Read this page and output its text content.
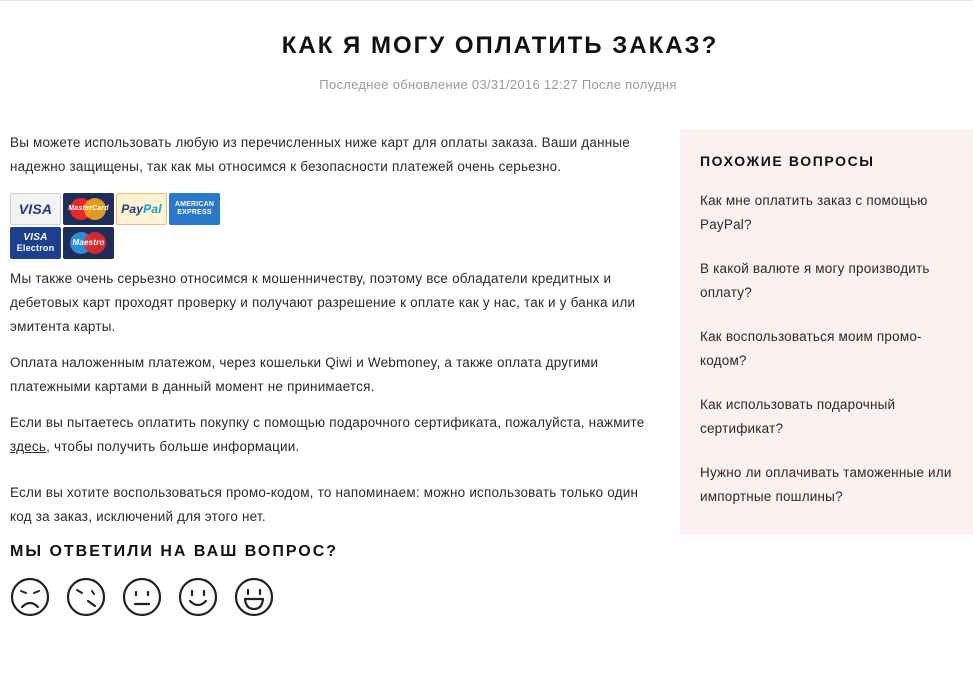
КАК Я МОГУ ОПЛАТИТЬ ЗАКАЗ?
Последнее обновление 03/31/2016 12:27 После полудня

Вы можете использовать любую из перечисленных ниже карт для оплаты заказа. Ваши данные надежно защищены, так как мы относимся к безопасности платежей очень серьезно.

VISA MasterCard Pay Pal AMERICAN
EXPRESS
VISA
Electron
Maestro

Мы также очень серьезно относимся к мошенничеству, поэтому все обладатели кредитных и дебетовых карт проходят проверку и получают разрешение к оплате как у нас, так и у банка или эмитента карты.

Оплата наложенным платежом, через кошельки Qiwi и Webmoney, а также оплата другими платежными картами в данный момент не принимается.

Если вы пытаетесь оплатить покупку с помощью подарочного сертификата, пожалуйста, нажмите здесь, чтобы получить больше информации.

Если вы хотите воспользоваться промо-кодом, то напоминаем: можно использовать только один код за заказ, исключений для этого нет.

МЫ ОТВЕТИЛИ НА ВАШ ВОПРОС?
ПОХОЖИЕ ВОПРОСЫ
Как мне оплатить заказ с помощью PayPal?
В какой валюте я могу производить оплату?
Как воспользоваться моим промо-кодом?
Как использовать подарочный сертификат?
Нужно ли оплачивать таможенные или импортные пошлины?
